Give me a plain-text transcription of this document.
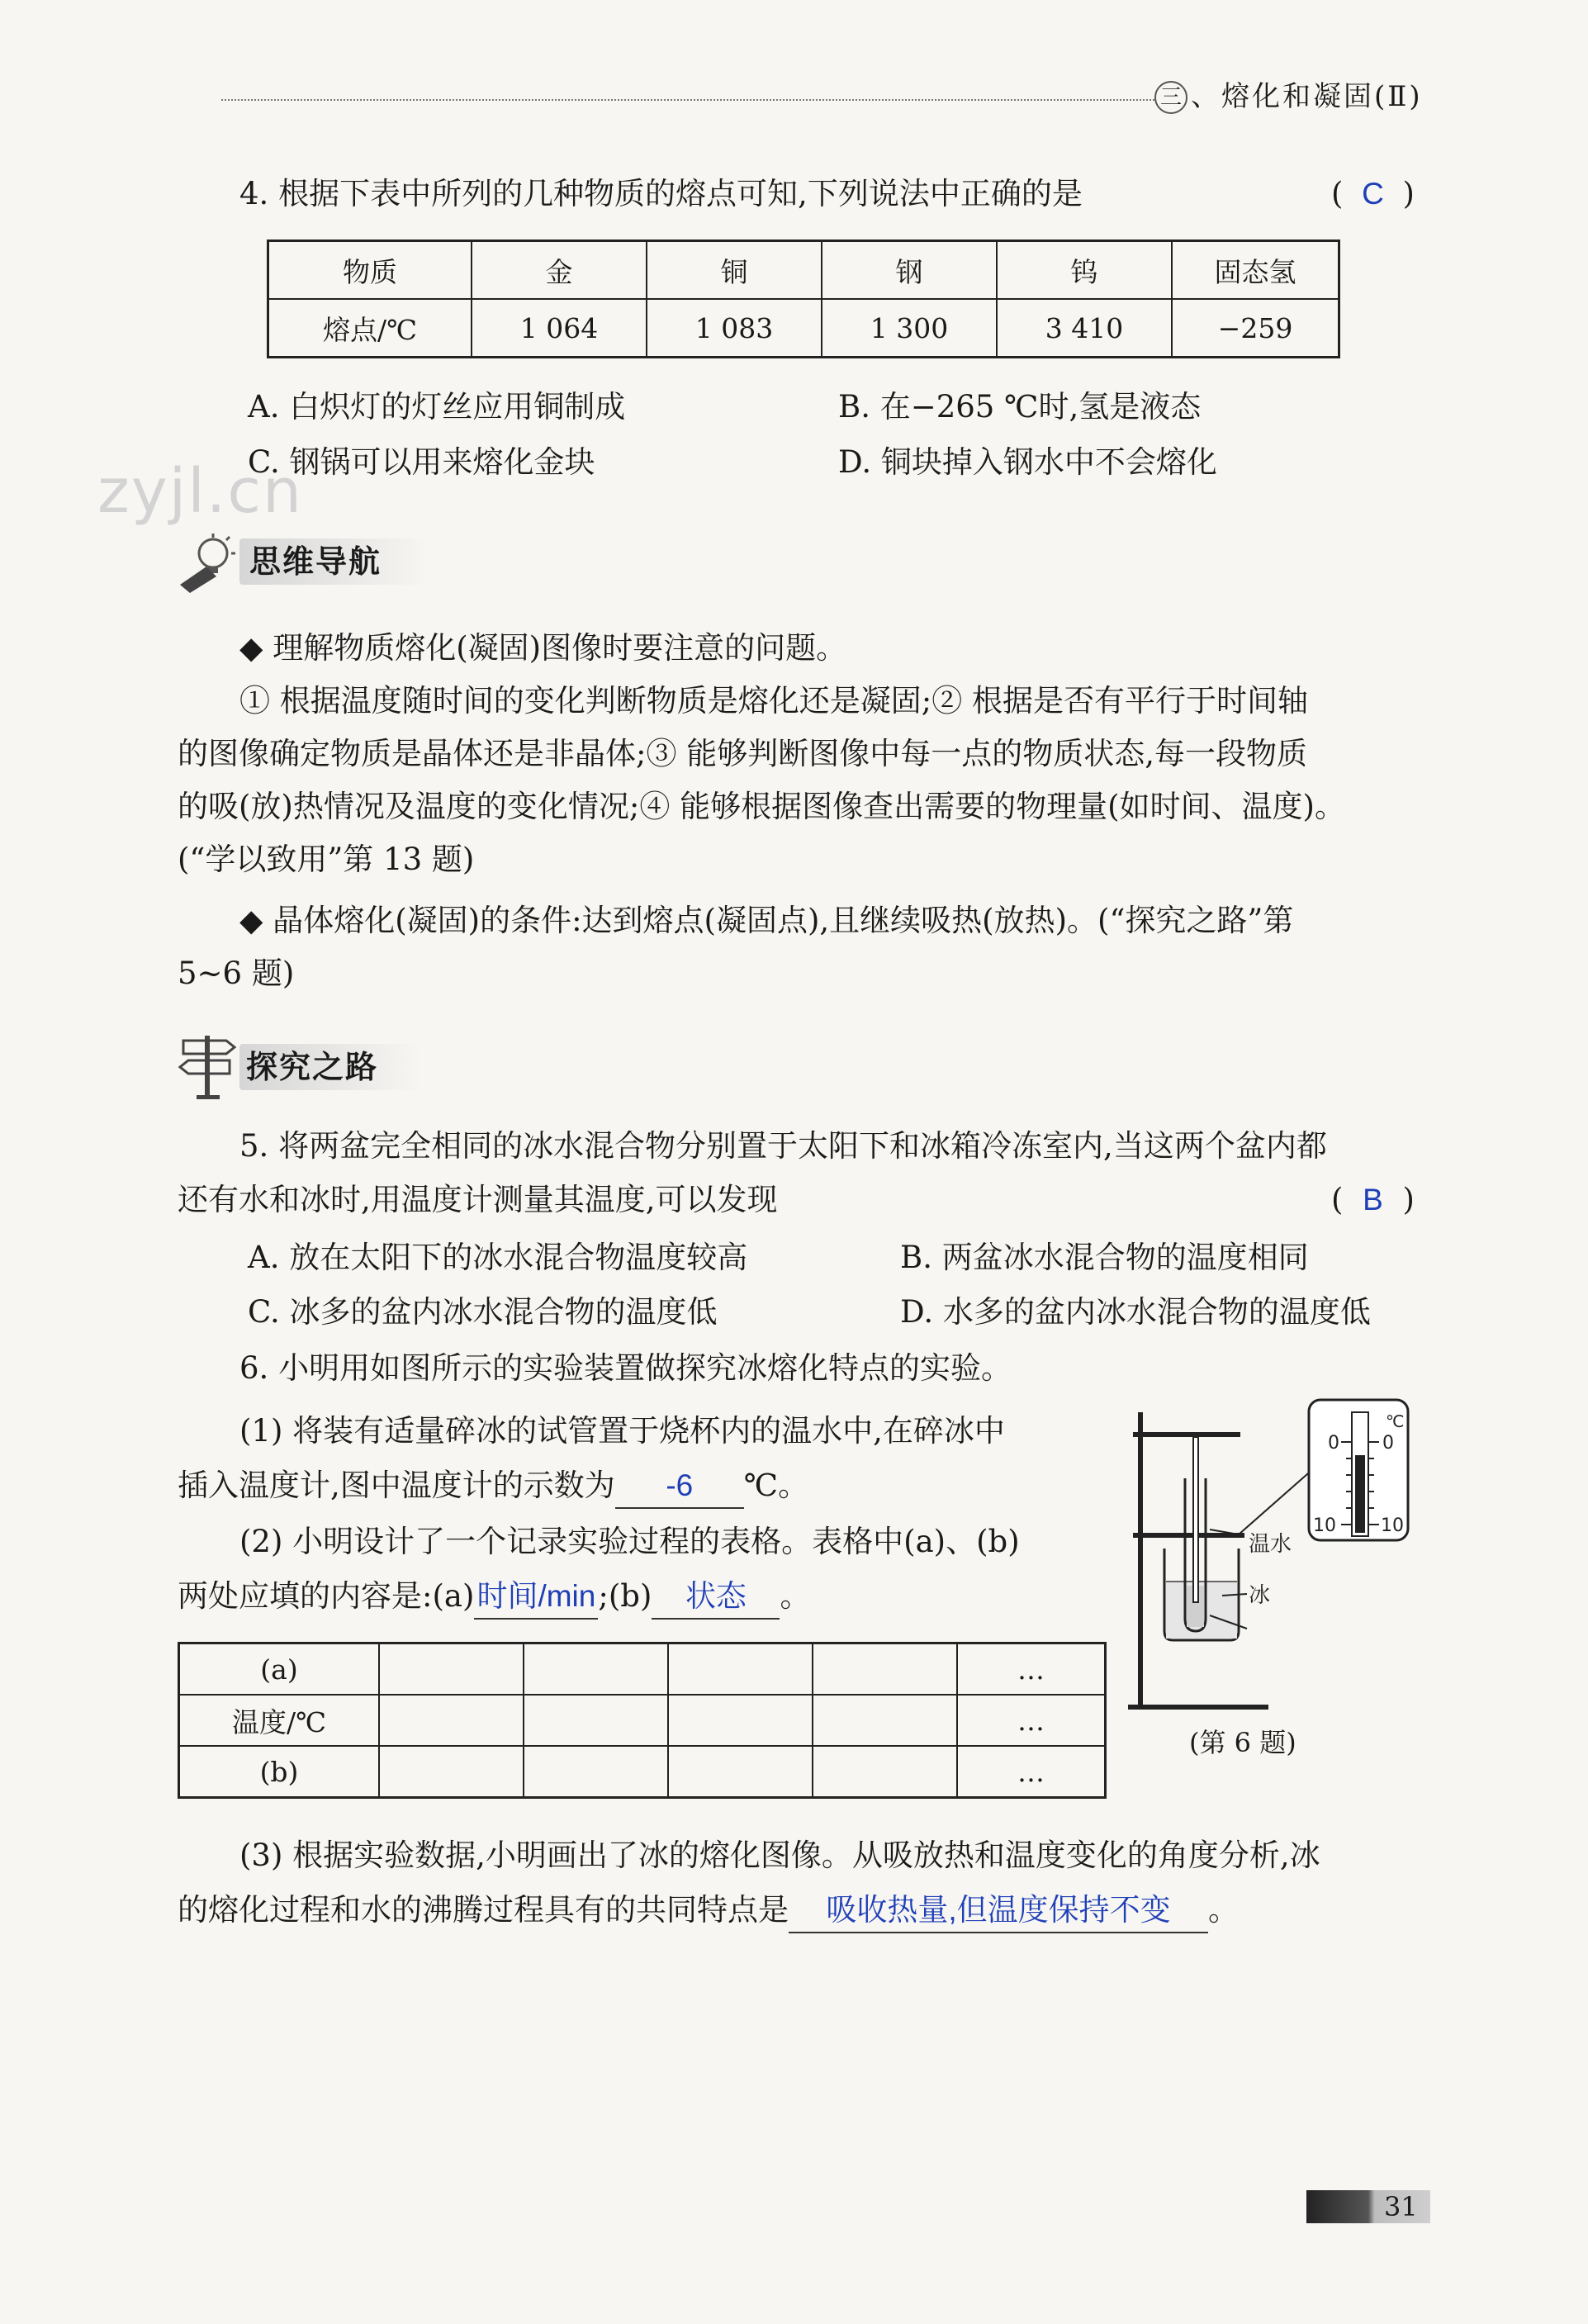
三 、熔化和凝固(Ⅱ)
4. 根据下表中所列的几种物质的熔点可知,下列说法中正确的是	( C )
物质	金	铜	钢	钨	固态氢
熔点/℃	1 064	1 083	1 300	3 410	−259
A. 白炽灯的灯丝应用铜制成	B. 在−265 ℃时,氢是液态
C. 钢锅可以用来熔化金块	D. 铜块掉入钢水中不会熔化
zyjl.cn
思维导航
◆ 理解物质熔化(凝固)图像时要注意的问题。
① 根据温度随时间的变化判断物质是熔化还是凝固;② 根据是否有平行于时间轴
的图像确定物质是晶体还是非晶体;③ 能够判断图像中每一点的物质状态,每一段物质
的吸(放)热情况及温度的变化情况;④ 能够根据图像查出需要的物理量(如时间、温度)。
(“学以致用”第 13 题)
◆ 晶体熔化(凝固)的条件:达到熔点(凝固点),且继续吸热(放热)。(“探究之路”第
5~6 题)
探究之路
5. 将两盆完全相同的冰水混合物分别置于太阳下和冰箱冷冻室内,当这两个盆内都
还有水和冰时,用温度计测量其温度,可以发现	( B )
A. 放在太阳下的冰水混合物温度较高	B. 两盆冰水混合物的温度相同
C. 冰多的盆内冰水混合物的温度低	D. 水多的盆内冰水混合物的温度低
6. 小明用如图所示的实验装置做探究冰熔化特点的实验。
(1) 将装有适量碎冰的试管置于烧杯内的温水中,在碎冰中
插入温度计,图中温度计的示数为 -6 ℃。
(2) 小明设计了一个记录实验过程的表格。表格中(a)、(b)
两处应填的内容是:(a)时间/min;(b) 状态 。
(a)					…
温度/℃					…
(b)					…
℃
0 0
10 10
温水
冰
(第 6 题)
(3) 根据实验数据,小明画出了冰的熔化图像。从吸放热和温度变化的角度分析,冰
的熔化过程和水的沸腾过程具有的共同特点是 吸收热量,但温度保持不变 。
31
